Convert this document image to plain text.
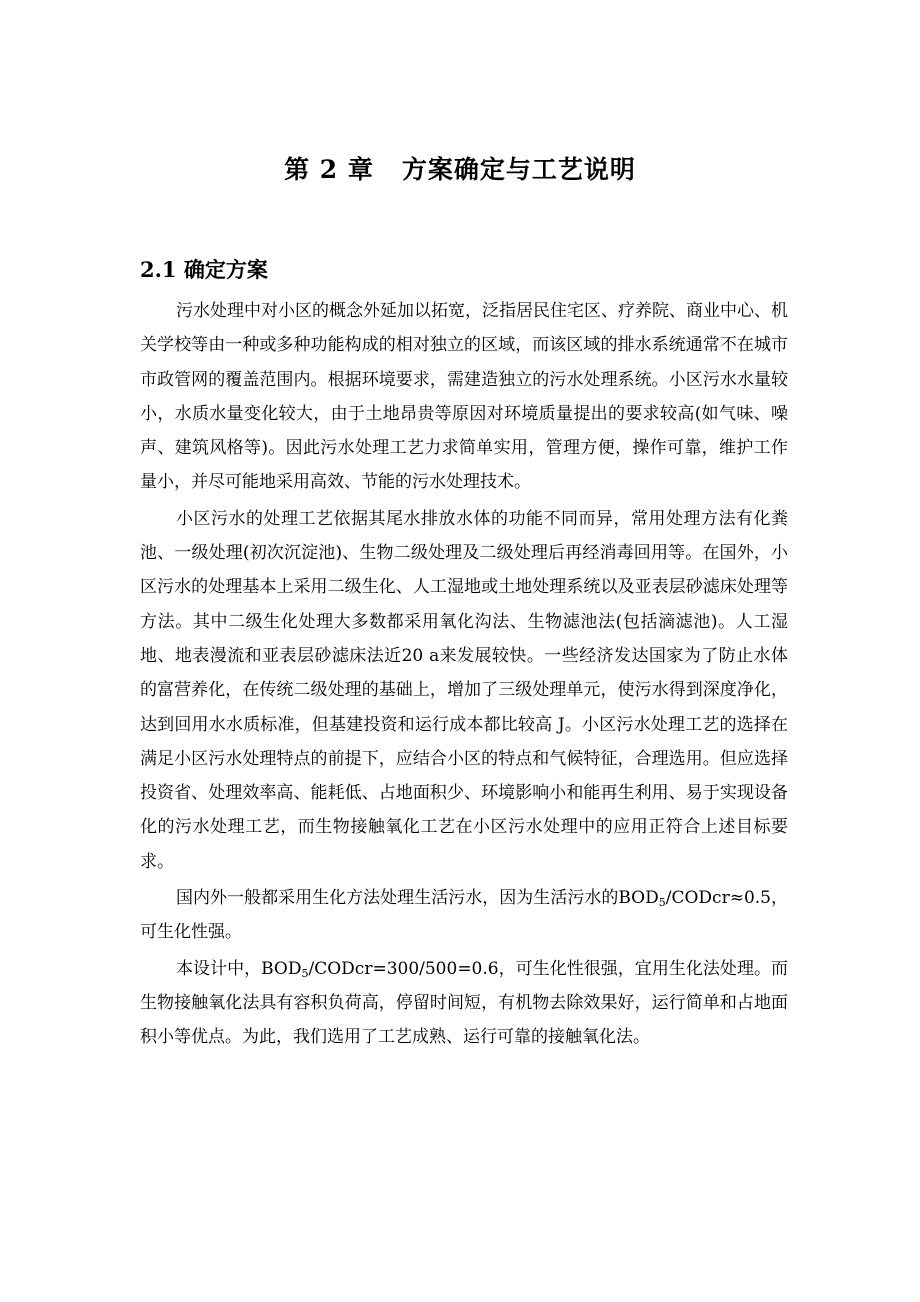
第 2 章 方案确定与工艺说明
2.1 确定方案

污水处理中对小区的概念外延加以拓宽，泛指居民住宅区、疗养院、商业中心、机关学校等由一种或多种功能构成的相对独立的区域，而该区域的排水系统通常不在城市市政管网的覆盖范围内。根据环境要求，需建造独立的污水处理系统。小区污水水量较小，水质水量变化较大，由于土地昂贵等原因对环境质量提出的要求较高(如气味、噪声、建筑风格等)。因此污水处理工艺力求简单实用，管理方便，操作可靠，维护工作量小，并尽可能地采用高效、节能的污水处理技术。

小区污水的处理工艺依据其尾水排放水体的功能不同而异，常用处理方法有化粪池、一级处理(初次沉淀池)、生物二级处理及二级处理后再经消毒回用等。在国外，小区污水的处理基本上采用二级生化、人工湿地或土地处理系统以及亚表层砂滤床处理等方法。其中二级生化处理大多数都采用氧化沟法、生物滤池法(包括滴滤池)。人工湿地、地表漫流和亚表层砂滤床法近20 a来发展较快。一些经济发达国家为了防止水体的富营养化，在传统二级处理的基础上，增加了三级处理单元，使污水得到深度净化，达到回用水水质标准，但基建投资和运行成本都比较高 J。小区污水处理工艺的选择在满足小区污水处理特点的前提下，应结合小区的特点和气候特征，合理选用。但应选择投资省、处理效率高、能耗低、占地面积少、环境影响小和能再生利用、易于实现设备化的污水处理工艺，而生物接触氧化工艺在小区污水处理中的应用正符合上述目标要求。

国内外一般都采用生化方法处理生活污水，因为生活污水的$BOD_5/CODcr\approx 0.5$，可生化性强。

本设计中，$BOD_5/CODcr=300/500=0.6$，可生化性很强，宜用生化法处理。而生物接触氧化法具有容积负荷高，停留时间短，有机物去除效果好，运行简单和占地面积小等优点。为此，我们选用了工艺成熟、运行可靠的接触氧化法。
